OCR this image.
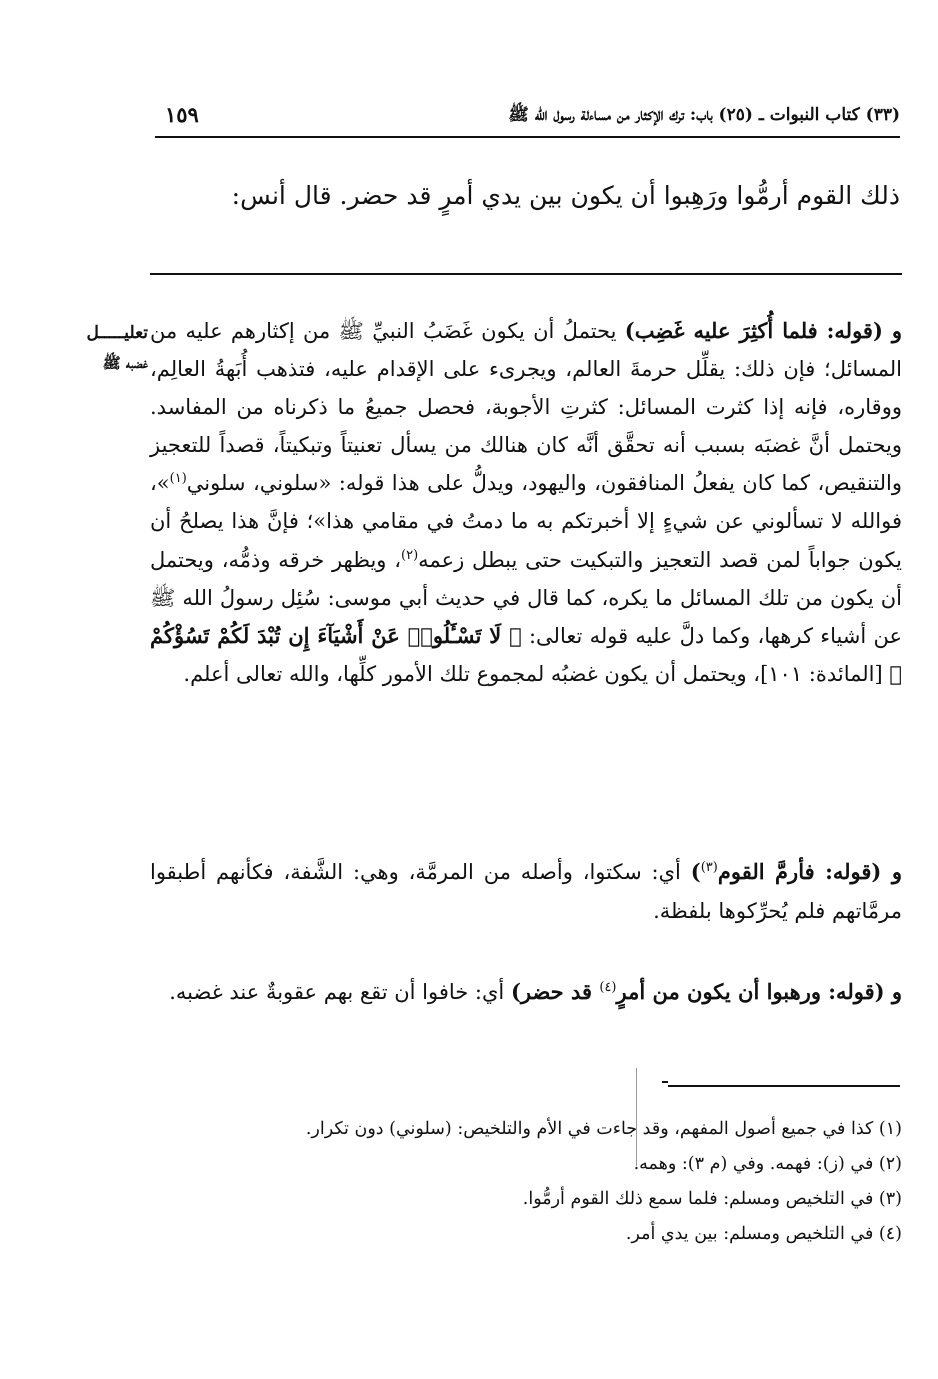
(٣٣) كتاب النبوات ـ (٢٥) باب: ترك الإكثار من مساءلة رسول الله ﷺ
١٥٩
ذلك القوم أرمُّوا ورَهِبوا أن يكون بين يدي أمرٍ قد حضر. قال أنس:
تعليـــــل
غضبه ﷺ

و (قوله: فلما أُكثِرَ عليه غَضِب) يحتملُ أن يكون غَضَبُ النبيِّ ﷺ من إكثارهم عليه من المسائل؛ فإن ذلك: يقلِّل حرمةَ العالم، ويجرىء على الإقدام عليه، فتذهب أُبَهةُ العالِم، ووقاره، فإنه إذا كثرت المسائل: كثرتِ الأجوبة، فحصل جميعُ ما ذكرناه من المفاسد. ويحتمل أنَّ غضبَه بسبب أنه تحقَّق أنَّه كان هنالك من يسأل تعنيتاً وتبكيتاً، قصداً للتعجيز والتنقيص، كما كان يفعلُ المنافقون، واليهود، ويدلُّ على هذا قوله: «سلوني، سلوني$^{(١)}$»، فوالله لا تسألوني عن شيءٍ إلا أخبرتكم به ما دمتُ في مقامي هذا»؛ فإنَّ هذا يصلحُ أن يكون جواباً لمن قصد التعجيز والتبكيت حتى يبطل زعمه$^{(٢)}$، ويظهر خرقه وذمُّه، ويحتمل أن يكون من تلك المسائل ما يكره، كما قال في حديث أبي موسى: سُئِل رسولُ الله ﷺ عن أشياء كرهها، وكما دلَّ عليه قوله تعالى: ﴿ لَا تَسْـَٔلُوا۟ عَنْ أَشْيَآءَ إِن تُبْدَ لَكُمْ تَسُؤْكُمْ ﴾ [المائدة: ١٠١]، ويحتمل أن يكون غضبُه لمجموع تلك الأمور كلِّها، والله تعالى أعلم.

و (قوله: فأرمَّ القوم$^{(٣)}$) أي: سكتوا، وأصله من المرمَّة، وهي: الشَّفة، فكأنهم أطبقوا مرمَّاتهم فلم يُحرِّكوها بلفظة.

و (قوله: ورهبوا أن يكون من أمرٍ$^{(٤)}$ قد حضر) أي: خافوا أن تقع بهم عقوبةٌ عند غضبه.

(١) كذا في جميع أصول المفهم، وقد جاءت في الأم والتلخيص: (سلوني) دون تكرار.
(٢) في (ز): فهمه. وفي (م ٣): وهمه.
(٣) في التلخيص ومسلم: فلما سمع ذلك القوم أرمُّوا.
(٤) في التلخيص ومسلم: بين يدي أمر.
